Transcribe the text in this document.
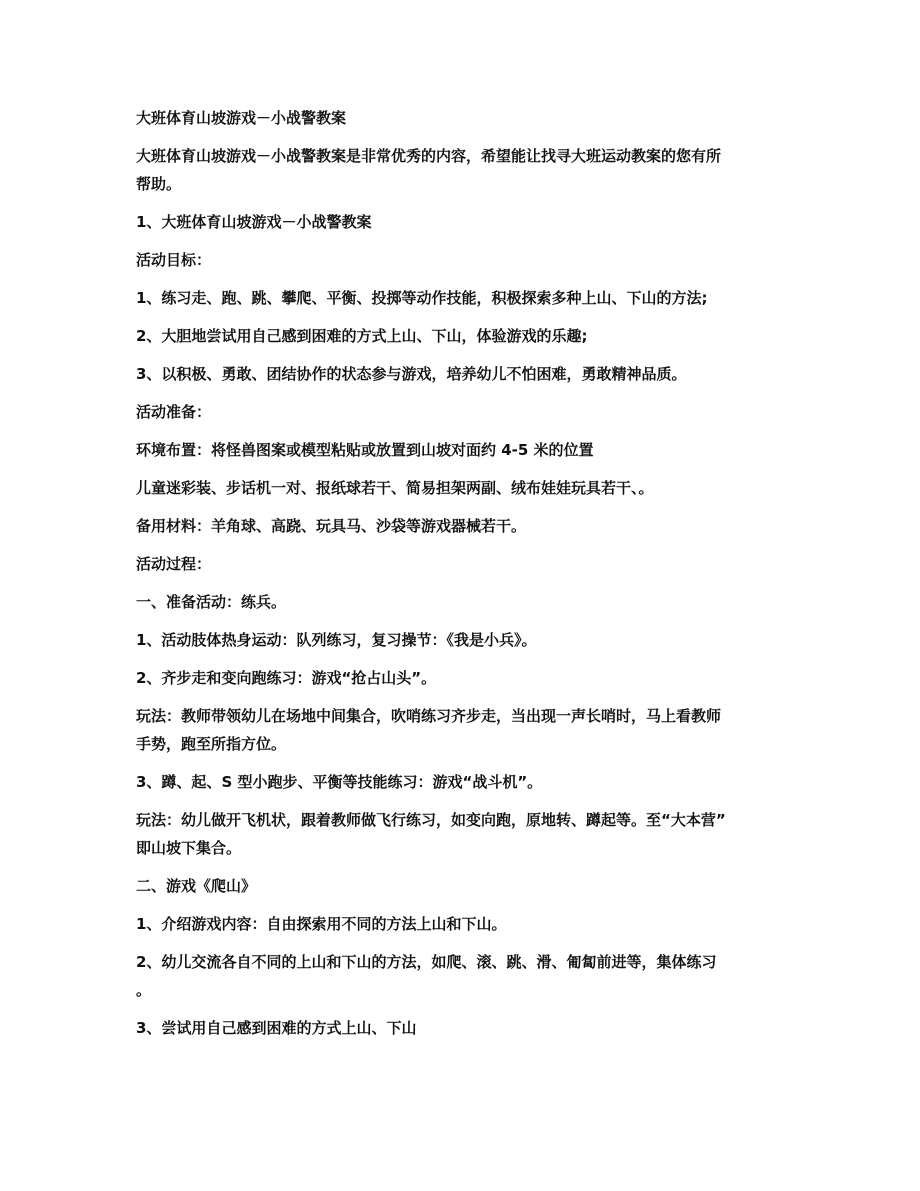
大班体育山坡游戏－小战警教案

大班体育山坡游戏－小战警教案是非常优秀的内容，希望能让找寻大班运动教案的您有所

帮助。

1、大班体育山坡游戏－小战警教案

活动目标：

1、练习走、跑、跳、攀爬、平衡、投掷等动作技能，积极探索多种上山、下山的方法;

2、大胆地尝试用自己感到困难的方式上山、下山，体验游戏的乐趣;

3、以积极、勇敢、团结协作的状态参与游戏，培养幼儿不怕困难，勇敢精神品质。

活动准备：

环境布置：将怪兽图案或模型粘贴或放置到山坡对面约 4-5 米的位置

儿童迷彩装、步话机一对、报纸球若干、简易担架两副、绒布娃娃玩具若干、。

备用材料：羊角球、高跷、玩具马、沙袋等游戏器械若干。

活动过程：

一、准备活动：练兵。

1、活动肢体热身运动：队列练习，复习操节：《我是小兵》。

2、齐步走和变向跑练习：游戏“抢占山头”。

玩法：教师带领幼儿在场地中间集合，吹哨练习齐步走，当出现一声长哨时，马上看教师

手势，跑至所指方位。

3、蹲、起、S 型小跑步、平衡等技能练习：游戏“战斗机”。

玩法：幼儿做开飞机状，跟着教师做飞行练习，如变向跑，原地转、蹲起等。至“大本营”

即山坡下集合。

二、游戏《爬山》

1、介绍游戏内容：自由探索用不同的方法上山和下山。

2、幼儿交流各自不同的上山和下山的方法，如爬、滚、跳、滑、匍匐前进等，集体练习

。

3、尝试用自己感到困难的方式上山、下山
